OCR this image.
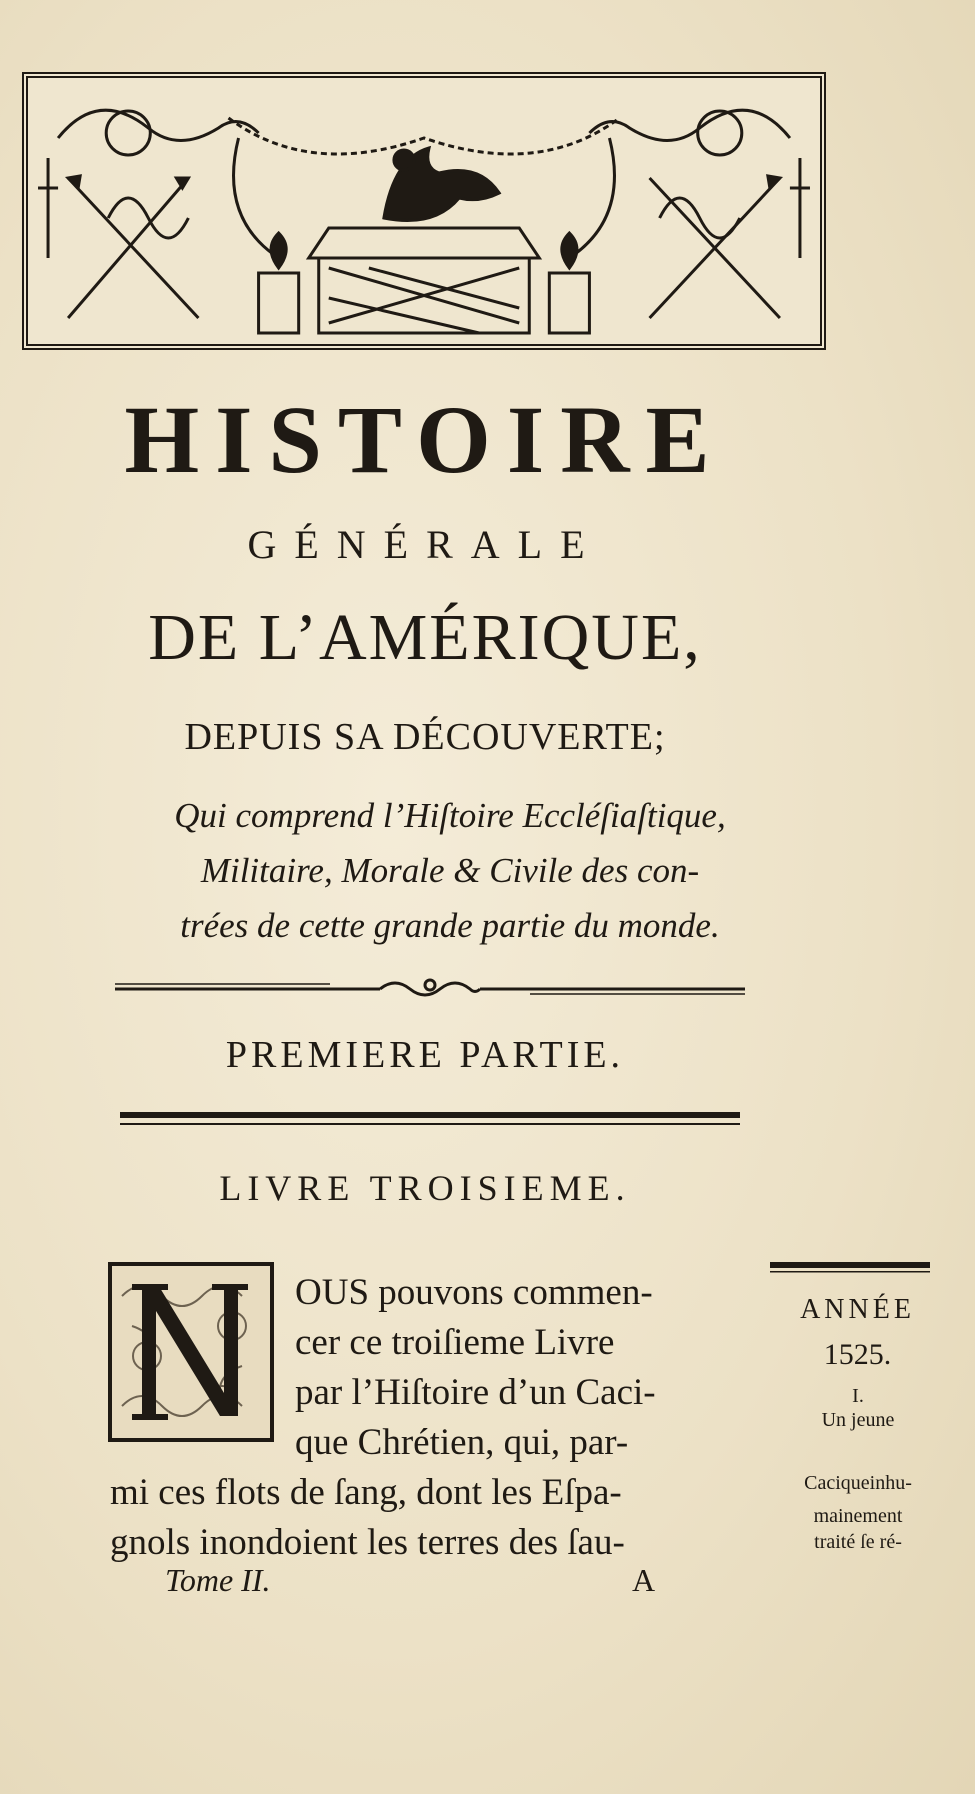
HISTOIRE
GÉNÉRALE
DE L’AMÉRIQUE,
DEPUIS SA DÉCOUVERTE;
Qui comprend l’Hiſtoire Eccléſiaſtique,
Militaire, Morale & Civile des con-
trées de cette grande partie du monde.
PREMIERE PARTIE.
LIVRE TROISIEME.
OUS pouvons commen-
cer ce troiſieme Livre
par l’Hiſtoire d’un Caci-
que Chrétien, qui, par-
mi ces flots de ſang, dont les Eſpa-
gnols inondoient les terres des ſau-
ANNÉE
1525.
I.
Un jeune
Caciqueinhu-
mainement
traité ſe ré-
Tome II.	A
